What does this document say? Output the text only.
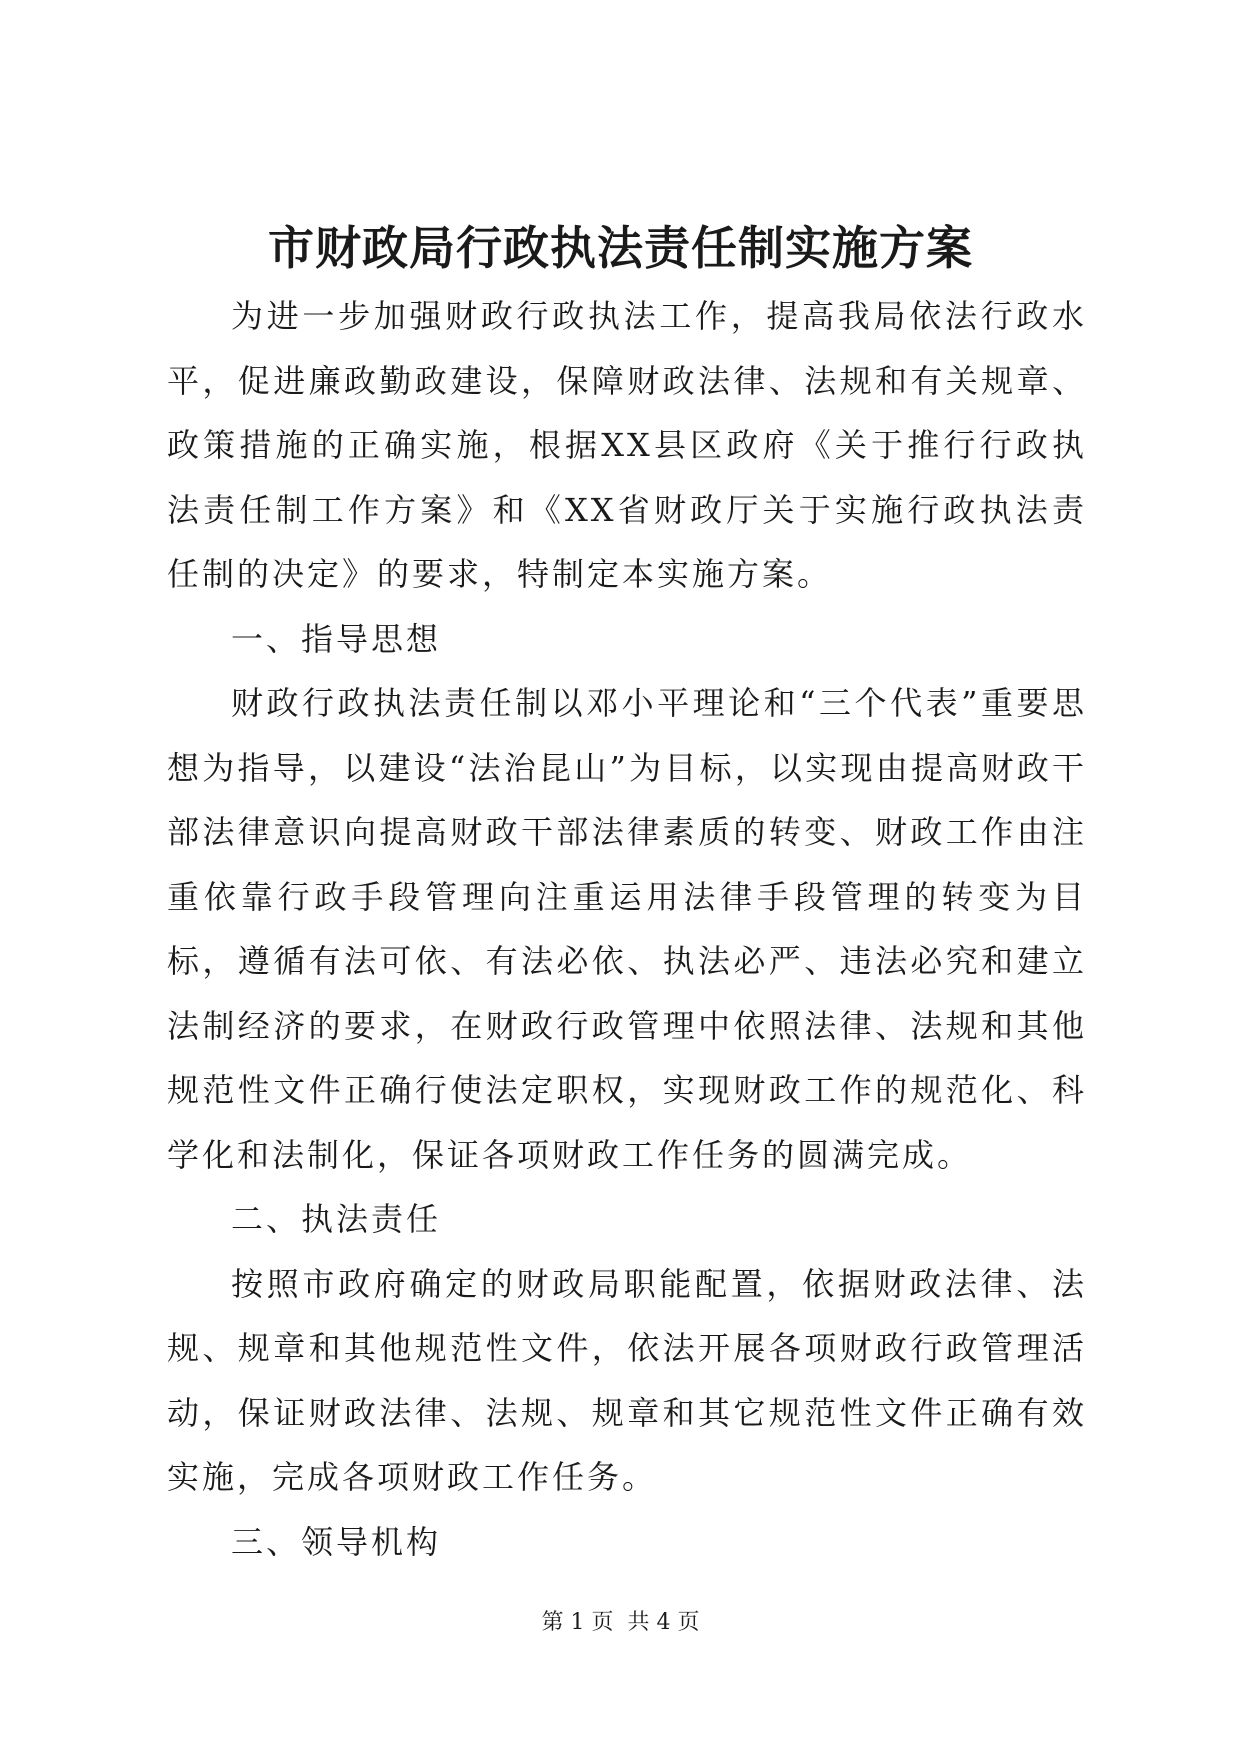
市财政局行政执法责任制实施方案

为进一步加强财政行政执法工作，提高我局依法行政水平，促进廉政勤政建设，保障财政法律、法规和有关规章、政策措施的正确实施，根据XX县区政府《关于推行行政执法责任制工作方案》和《XX省财政厅关于实施行政执法责任制的决定》的要求，特制定本实施方案。

一、指导思想

财政行政执法责任制以邓小平理论和“三个代表”重要思想为指导，以建设“法治昆山”为目标，以实现由提高财政干部法律意识向提高财政干部法律素质的转变、财政工作由注重依靠行政手段管理向注重运用法律手段管理的转变为目标，遵循有法可依、有法必依、执法必严、违法必究和建立法制经济的要求，在财政行政管理中依照法律、法规和其他规范性文件正确行使法定职权，实现财政工作的规范化、科学化和法制化，保证各项财政工作任务的圆满完成。

二、执法责任

按照市政府确定的财政局职能配置，依据财政法律、法规、规章和其他规范性文件，依法开展各项财政行政管理活动，保证财政法律、法规、规章和其它规范性文件正确有效实施，完成各项财政工作任务。

三、领导机构

第 1 页 共 4 页
